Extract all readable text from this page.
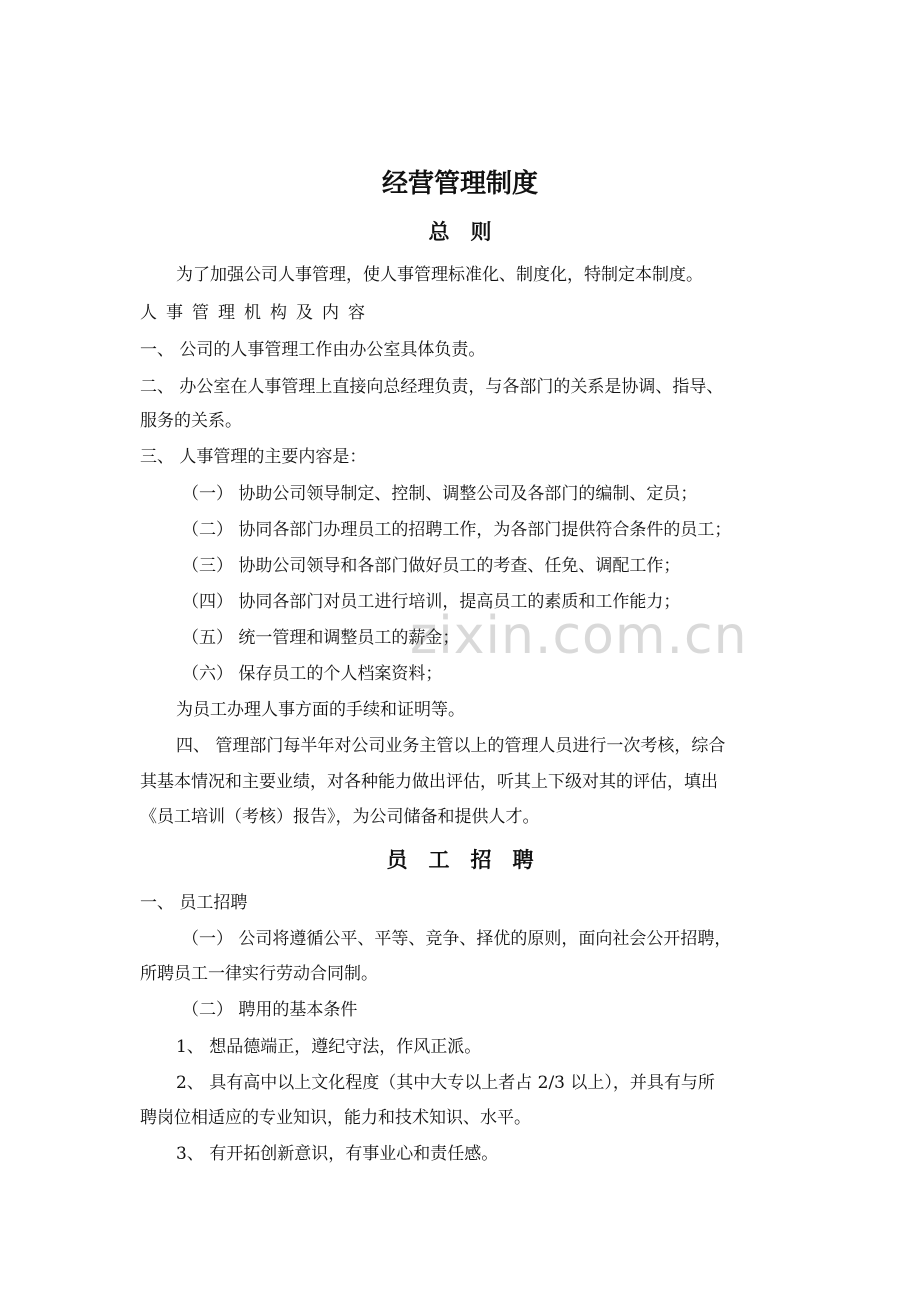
zixin.com.cn
经营管理制度
总　则
为了加强公司人事管理，使人事管理标准化、制度化，特制定本制度。
人事管理机构及内容
一、 公司的人事管理工作由办公室具体负责。
二、 办公室在人事管理上直接向总经理负责，与各部门的关系是协调、指导、
服务的关系。
三、 人事管理的主要内容是：
（一） 协助公司领导制定、控制、调整公司及各部门的编制、定员；
（二） 协同各部门办理员工的招聘工作，为各部门提供符合条件的员工；
（三） 协助公司领导和各部门做好员工的考查、任免、调配工作；
（四） 协同各部门对员工进行培训，提高员工的素质和工作能力；
（五） 统一管理和调整员工的薪金；
（六） 保存员工的个人档案资料；
为员工办理人事方面的手续和证明等。
四、 管理部门每半年对公司业务主管以上的管理人员进行一次考核，综合
其基本情况和主要业绩，对各种能力做出评估，听其上下级对其的评估，填出
《员工培训（考核）报告》，为公司储备和提供人才。
员　工　招　聘
一、 员工招聘
（一） 公司将遵循公平、平等、竞争、择优的原则，面向社会公开招聘，
所聘员工一律实行劳动合同制。
（二） 聘用的基本条件
1、 想品德端正，遵纪守法，作风正派。
2、 具有高中以上文化程度（其中大专以上者占 2/3 以上），并具有与所
聘岗位相适应的专业知识，能力和技术知识、水平。
3、 有开拓创新意识，有事业心和责任感。
